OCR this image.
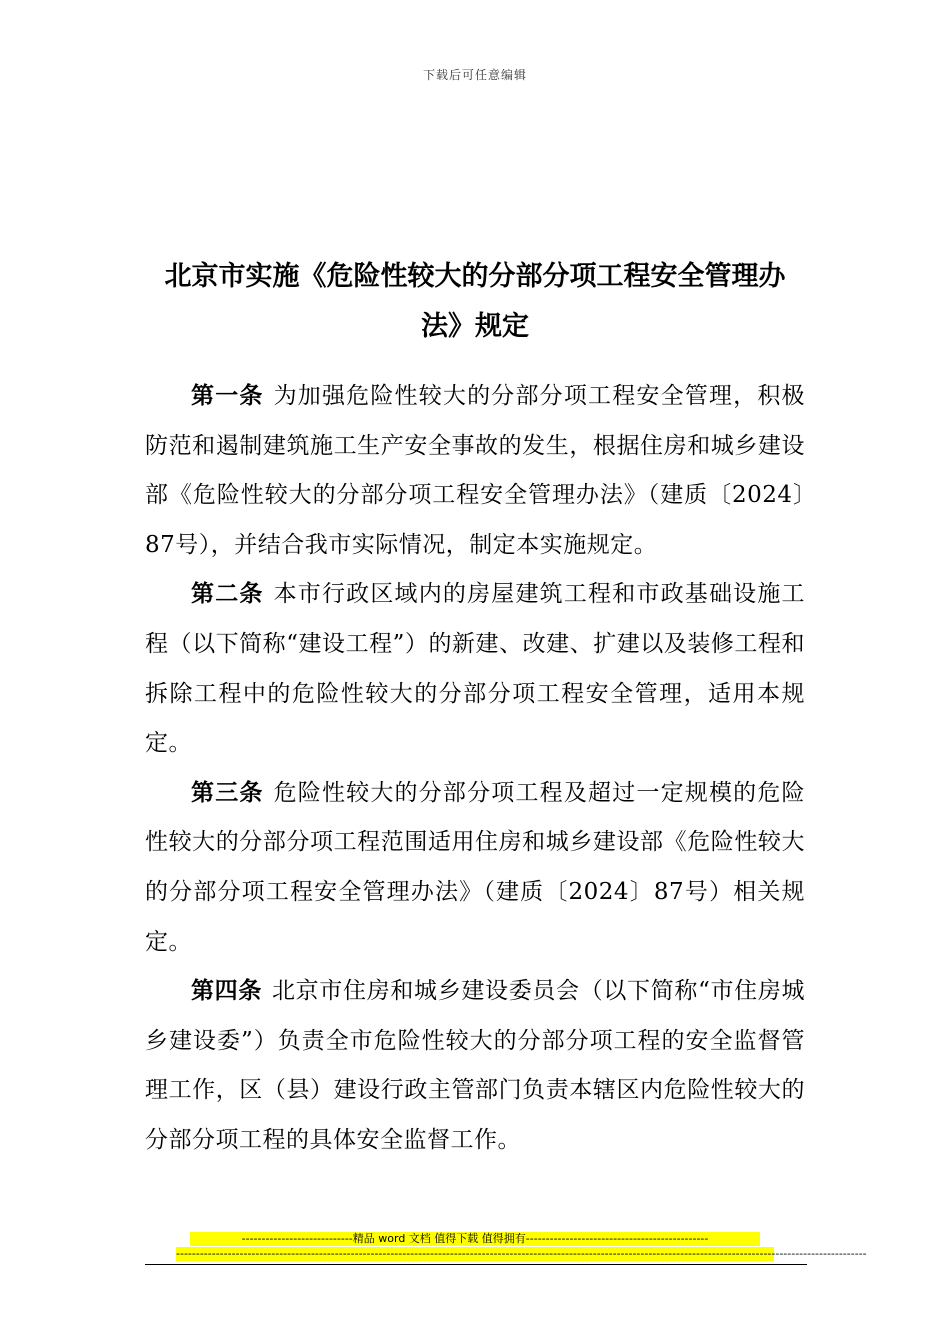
下载后可任意编辑
北京市实施《危险性较大的分部分项工程安全管理办法》规定

第一条 为加强危险性较大的分部分项工程安全管理，积极防范和遏制建筑施工生产安全事故的发生，根据住房和城乡建设部《危险性较大的分部分项工程安全管理办法》（建质〔2024〕87号），并结合我市实际情况，制定本实施规定。

第二条 本市行政区域内的房屋建筑工程和市政基础设施工程（以下简称“建设工程”）的新建、改建、扩建以及装修工程和拆除工程中的危险性较大的分部分项工程安全管理，适用本规定。

第三条 危险性较大的分部分项工程及超过一定规模的危险性较大的分部分项工程范围适用住房和城乡建设部《危险性较大的分部分项工程安全管理办法》（建质〔2024〕87号）相关规定。

第四条 北京市住房和城乡建设委员会（以下简称“市住房城乡建设委”）负责全市危险性较大的分部分项工程的安全监督管理工作，区（县）建设行政主管部门负责本辖区内危险性较大的分部分项工程的具体安全监督工作。

----------------------------精品 word 文档 值得下载 值得拥有----------------------------------------------
------------------------------------------------------------------------------------------------------------------------------------------------------------------------------
